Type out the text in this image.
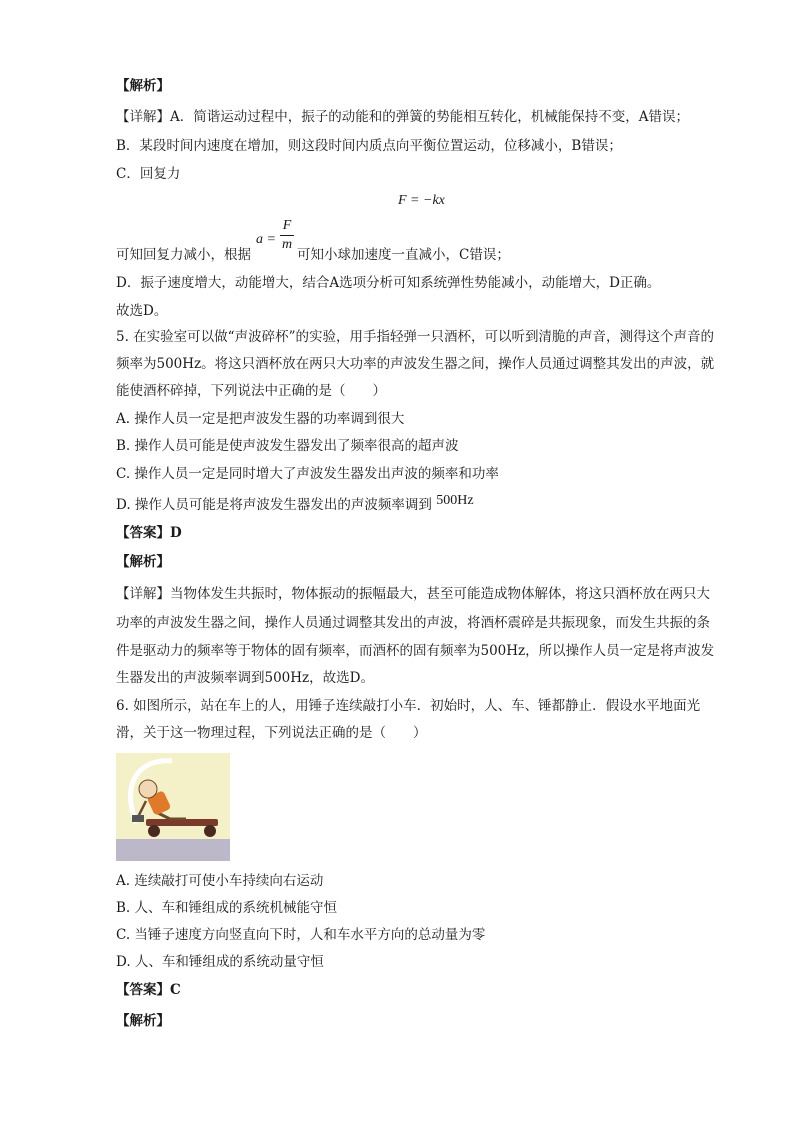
【解析】
【详解】A．简谐运动过程中，振子的动能和的弹簧的势能相互转化，机械能保持不变，A错误；
B．某段时间内速度在增加，则这段时间内质点向平衡位置运动，位移减小，B错误；
C．回复力
F = −kx
可知回复力减小，根据
a =
F
m
可知小球加速度一直减小，C错误；
D．振子速度增大，动能增大，结合A选项分析可知系统弹性势能减小，动能增大，D正确。
故选D。
5. 在实验室可以做“声波碎杯”的实验，用手指轻弹一只酒杯，可以听到清脆的声音，测得这个声音的
频率为500Hz。将这只酒杯放在两只大功率的声波发生器之间，操作人员通过调整其发出的声波，就
能使酒杯碎掉，下列说法中正确的是（　　）
A. 操作人员一定是把声波发生器的功率调到很大
B. 操作人员可能是使声波发生器发出了频率很高的超声波
C. 操作人员一定是同时增大了声波发生器发出声波的频率和功率
D. 操作人员可能是将声波发生器发出的声波频率调到 500Hz
【答案】D
【解析】
【详解】当物体发生共振时，物体振动的振幅最大，甚至可能造成物体解体，将这只酒杯放在两只大
功率的声波发生器之间，操作人员通过调整其发出的声波，将酒杯震碎是共振现象，而发生共振的条
件是驱动力的频率等于物体的固有频率，而酒杯的固有频率为500Hz，所以操作人员一定是将声波发
生器发出的声波频率调到500Hz，故选D。
6. 如图所示，站在车上的人，用锤子连续敲打小车．初始时，人、车、锤都静止．假设水平地面光
滑，关于这一物理过程，下列说法正确的是（　　）
A. 连续敲打可使小车持续向右运动
B. 人、车和锤组成的系统机械能守恒
C. 当锤子速度方向竖直向下时，人和车水平方向的总动量为零
D. 人、车和锤组成的系统动量守恒
【答案】C
【解析】
